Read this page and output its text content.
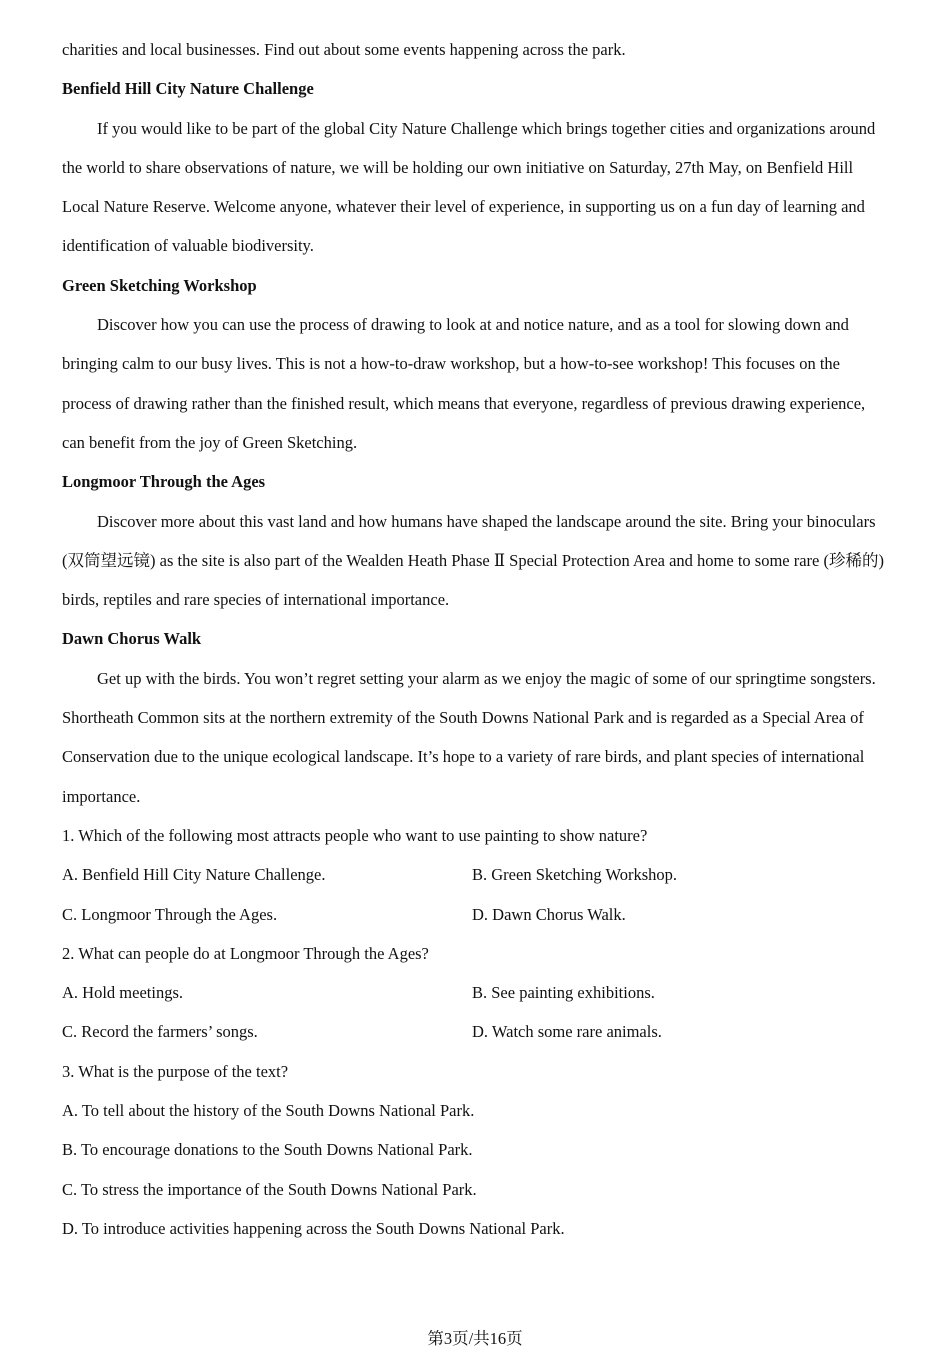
charities and local businesses. Find out about some events happening across the park.

Benfield Hill City Nature Challenge

If you would like to be part of the global City Nature Challenge which brings together cities and organizations around the world to share observations of nature, we will be holding our own initiative on Saturday, 27th May, on Benfield Hill Local Nature Reserve. Welcome anyone, whatever their level of experience, in supporting us on a fun day of learning and identification of valuable biodiversity.

Green Sketching Workshop

Discover how you can use the process of drawing to look at and notice nature, and as a tool for slowing down and bringing calm to our busy lives. This is not a how-to-draw workshop, but a how-to-see workshop! This focuses on the process of drawing rather than the finished result, which means that everyone, regardless of previous drawing experience, can benefit from the joy of Green Sketching.

Longmoor Through the Ages

Discover more about this vast land and how humans have shaped the landscape around the site. Bring your binoculars (双筒望远镜) as the site is also part of the Wealden Heath Phase Ⅱ Special Protection Area and home to some rare (珍稀的) birds, reptiles and rare species of international importance.

Dawn Chorus Walk

Get up with the birds. You won’t regret setting your alarm as we enjoy the magic of some of our springtime songsters. Shortheath Common sits at the northern extremity of the South Downs National Park and is regarded as a Special Area of Conservation due to the unique ecological landscape. It’s hope to a variety of rare birds, and plant species of international importance.

1. Which of the following most attracts people who want to use painting to show nature?
A. Benfield Hill City Nature Challenge.	B. Green Sketching Workshop.
C. Longmoor Through the Ages.	D. Dawn Chorus Walk.
2. What can people do at Longmoor Through the Ages?
A. Hold meetings.	B. See painting exhibitions.
C. Record the farmers’ songs.	D. Watch some rare animals.
3. What is the purpose of the text?
A. To tell about the history of the South Downs National Park.
B. To encourage donations to the South Downs National Park.
C. To stress the importance of the South Downs National Park.
D. To introduce activities happening across the South Downs National Park.
第3页/共16页
